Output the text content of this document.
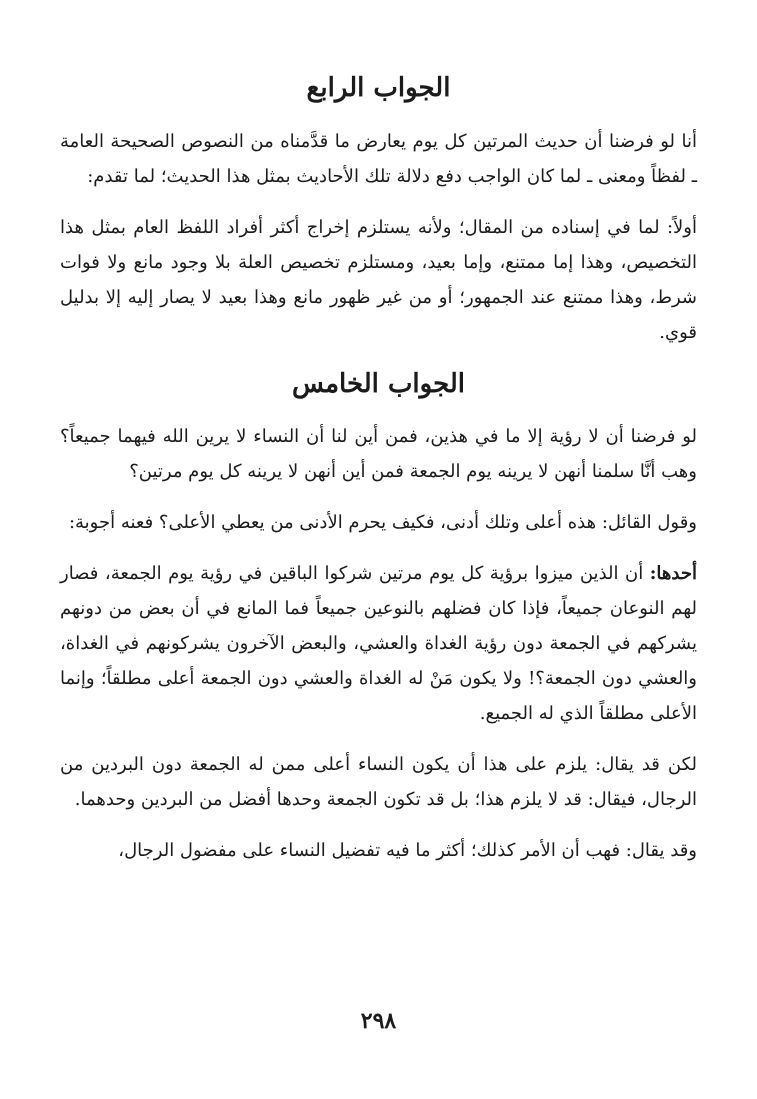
الجواب الرابع

أنا لو فرضنا أن حديث المرتين كل يوم يعارض ما قدَّمناه من النصوص الصحيحة العامة ـ لفظاً ومعنى ـ لما كان الواجب دفع دلالة تلك الأحاديث بمثل هذا الحديث؛ لما تقدم:

أولاً: لما في إسناده من المقال؛ ولأنه يستلزم إخراج أكثر أفراد اللفظ العام بمثل هذا التخصيص، وهذا إما ممتنع، وإما بعيد، ومستلزم تخصيص العلة بلا وجود مانع ولا فوات شرط، وهذا ممتنع عند الجمهور؛ أو من غير ظهور مانع وهذا بعيد لا يصار إليه إلا بدليل قوي.

الجواب الخامس

لو فرضنا أن لا رؤية إلا ما في هذين، فمن أين لنا أن النساء لا يرين الله فيهما جميعاً؟ وهب أنَّا سلمنا أنهن لا يرينه يوم الجمعة فمن أين أنهن لا يرينه كل يوم مرتين؟

وقول القائل: هذه أعلى وتلك أدنى، فكيف يحرم الأدنى من يعطي الأعلى؟ فعنه أجوبة:

أحدها: أن الذين ميزوا برؤية كل يوم مرتين شركوا الباقين في رؤية يوم الجمعة، فصار لهم النوعان جميعاً، فإذا كان فضلهم بالنوعين جميعاً فما المانع في أن بعض من دونهم يشركهم في الجمعة دون رؤية الغداة والعشي، والبعض الآخرون يشركونهم في الغداة، والعشي دون الجمعة؟! ولا يكون مَنْ له الغداة والعشي دون الجمعة أعلى مطلقاً؛ وإنما الأعلى مطلقاً الذي له الجميع.

لكن قد يقال: يلزم على هذا أن يكون النساء أعلى ممن له الجمعة دون البردين من الرجال، فيقال: قد لا يلزم هذا؛ بل قد تكون الجمعة وحدها أفضل من البردين وحدهما.

وقد يقال: فهب أن الأمر كذلك؛ أكثر ما فيه تفضيل النساء على مفضول الرجال،

٢٩٨
